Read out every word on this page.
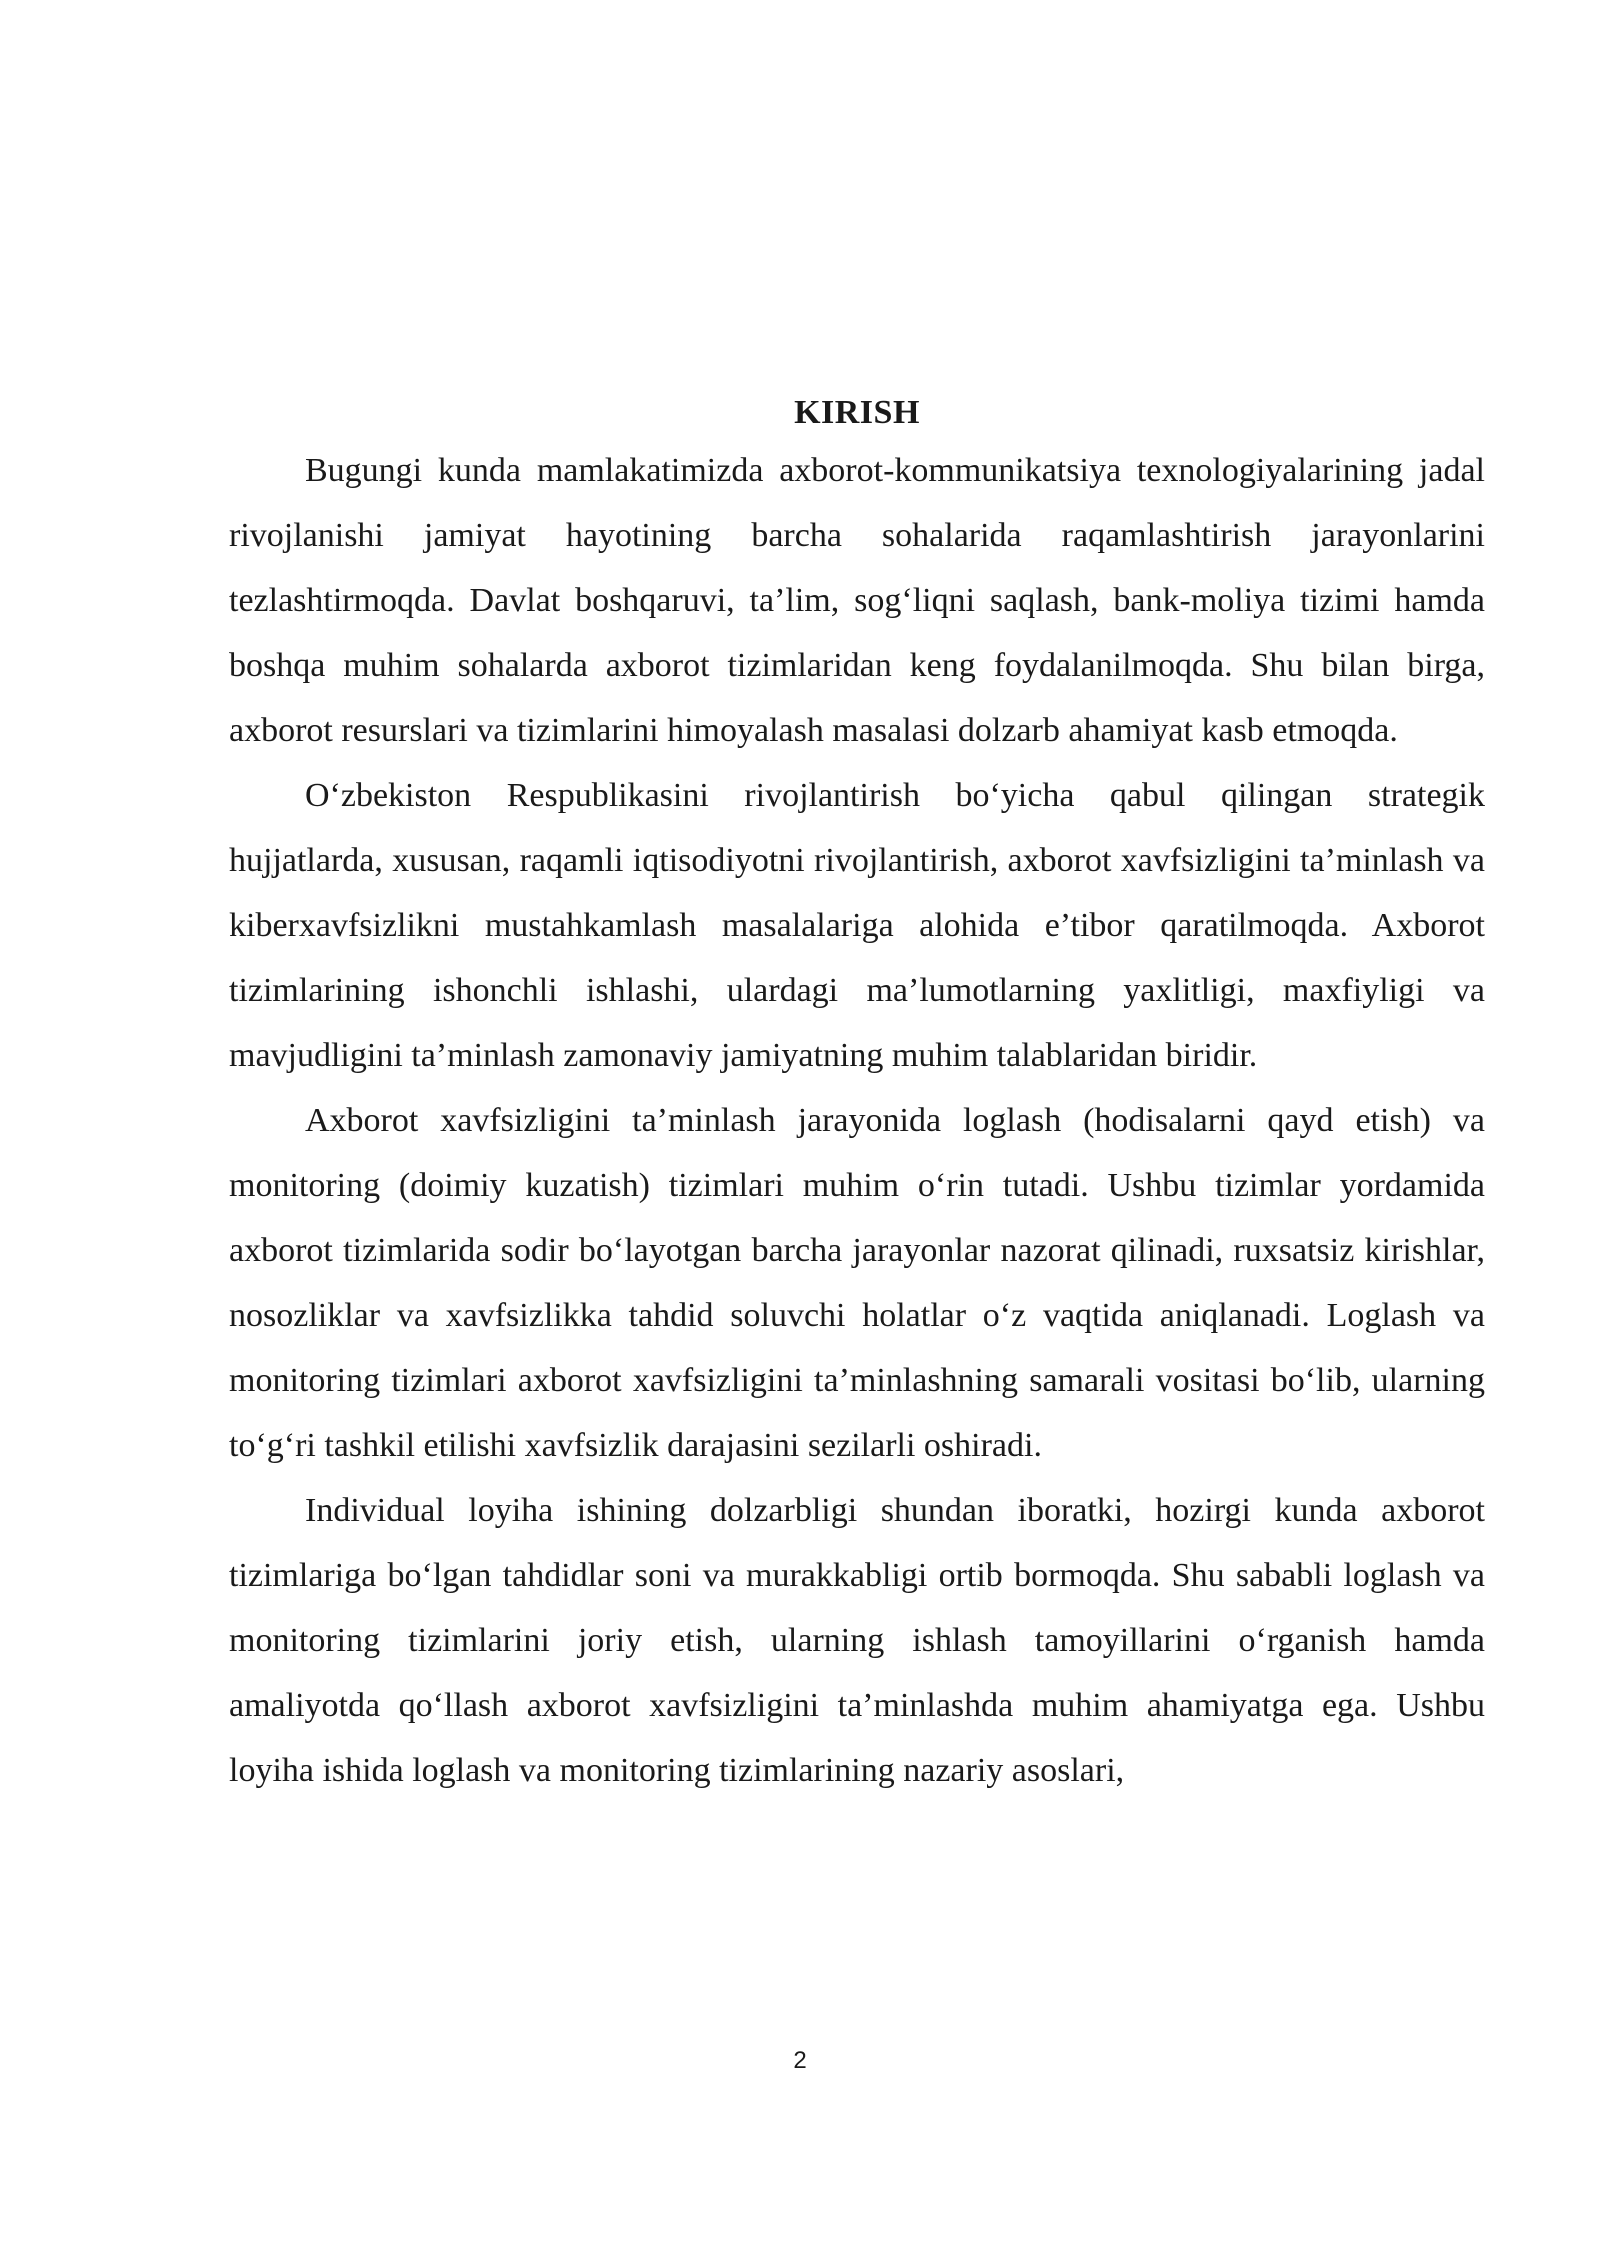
KIRISH

Bugungi kunda mamlakatimizda axborot-kommunikatsiya texnologiyalarining jadal rivojlanishi jamiyat hayotining barcha sohalarida raqamlashtirish jarayonlarini tezlashtirmoqda. Davlat boshqaruvi, ta’lim, sog‘liqni saqlash, bank-moliya tizimi hamda boshqa muhim sohalarda axborot tizimlaridan keng foydalanilmoqda. Shu bilan birga, axborot resurslari va tizimlarini himoyalash masalasi dolzarb ahamiyat kasb etmoqda.

O‘zbekiston Respublikasini rivojlantirish bo‘yicha qabul qilingan strategik hujjatlarda, xususan, raqamli iqtisodiyotni rivojlantirish, axborot xavfsizligini ta’minlash va kiberxavfsizlikni mustahkamlash masalalariga alohida e’tibor qaratilmoqda. Axborot tizimlarining ishonchli ishlashi, ulardagi ma’lumotlarning yaxlitligi, maxfiyligi va mavjudligini ta’minlash zamonaviy jamiyatning muhim talablaridan biridir.

Axborot xavfsizligini ta’minlash jarayonida loglash (hodisalarni qayd etish) va monitoring (doimiy kuzatish) tizimlari muhim o‘rin tutadi. Ushbu tizimlar yordamida axborot tizimlarida sodir bo‘layotgan barcha jarayonlar nazorat qilinadi, ruxsatsiz kirishlar, nosozliklar va xavfsizlikka tahdid soluvchi holatlar o‘z vaqtida aniqlanadi. Loglash va monitoring tizimlari axborot xavfsizligini ta’minlashning samarali vositasi bo‘lib, ularning to‘g‘ri tashkil etilishi xavfsizlik darajasini sezilarli oshiradi.

Individual loyiha ishining dolzarbligi shundan iboratki, hozirgi kunda axborot tizimlariga bo‘lgan tahdidlar soni va murakkabligi ortib bormoqda. Shu sababli loglash va monitoring tizimlarini joriy etish, ularning ishlash tamoyillarini o‘rganish hamda amaliyotda qo‘llash axborot xavfsizligini ta’minlashda muhim ahamiyatga ega. Ushbu loyiha ishida loglash va monitoring tizimlarining nazariy asoslari,

2
